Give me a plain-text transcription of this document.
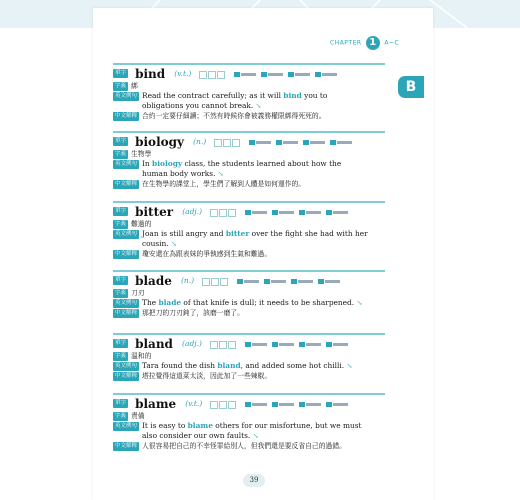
CHAPTER 1 A~C
B
單字 bind (v.t.)
字義 綁
英文例句 Read the contract carefully; as it will bind you to obligations you cannot break. ↘
中文解釋 合約一定要仔細讀；不然有時候你會被義務權限綁得死死的。
單字 biology (n.)
字義 生物學
英文例句 In biology class, the students learned about how the human body works. ↘
中文解釋 在生物學的課堂上，學生們了解到人體是如何運作的。
單字 bitter (adj.)
字義 難過的
英文例句 Joan is still angry and bitter over the fight she had with her cousin. ↘
中文解釋 瓊安還在為跟表妹的爭執感到生氣和難過。
單字 blade (n.)
字義 刀刃
英文例句 The blade of that knife is dull; it needs to be sharpened. ↘
中文解釋 那把刀的刀刃鈍了，該磨一磨了。
單字 bland (adj.)
字義 溫和的
英文例句 Tara found the dish bland, and added some hot chilli. ↘
中文解釋 塔拉覺得這道菜太淡，因此加了一些辣椒。
單字 blame (v.t.)
字義 責備
英文例句 It is easy to blame others for our misfortune, but we must also consider our own faults. ↘
中文解釋 人很容易把自己的不幸怪罪給別人，但我們還是要反省自己的過錯。
39
